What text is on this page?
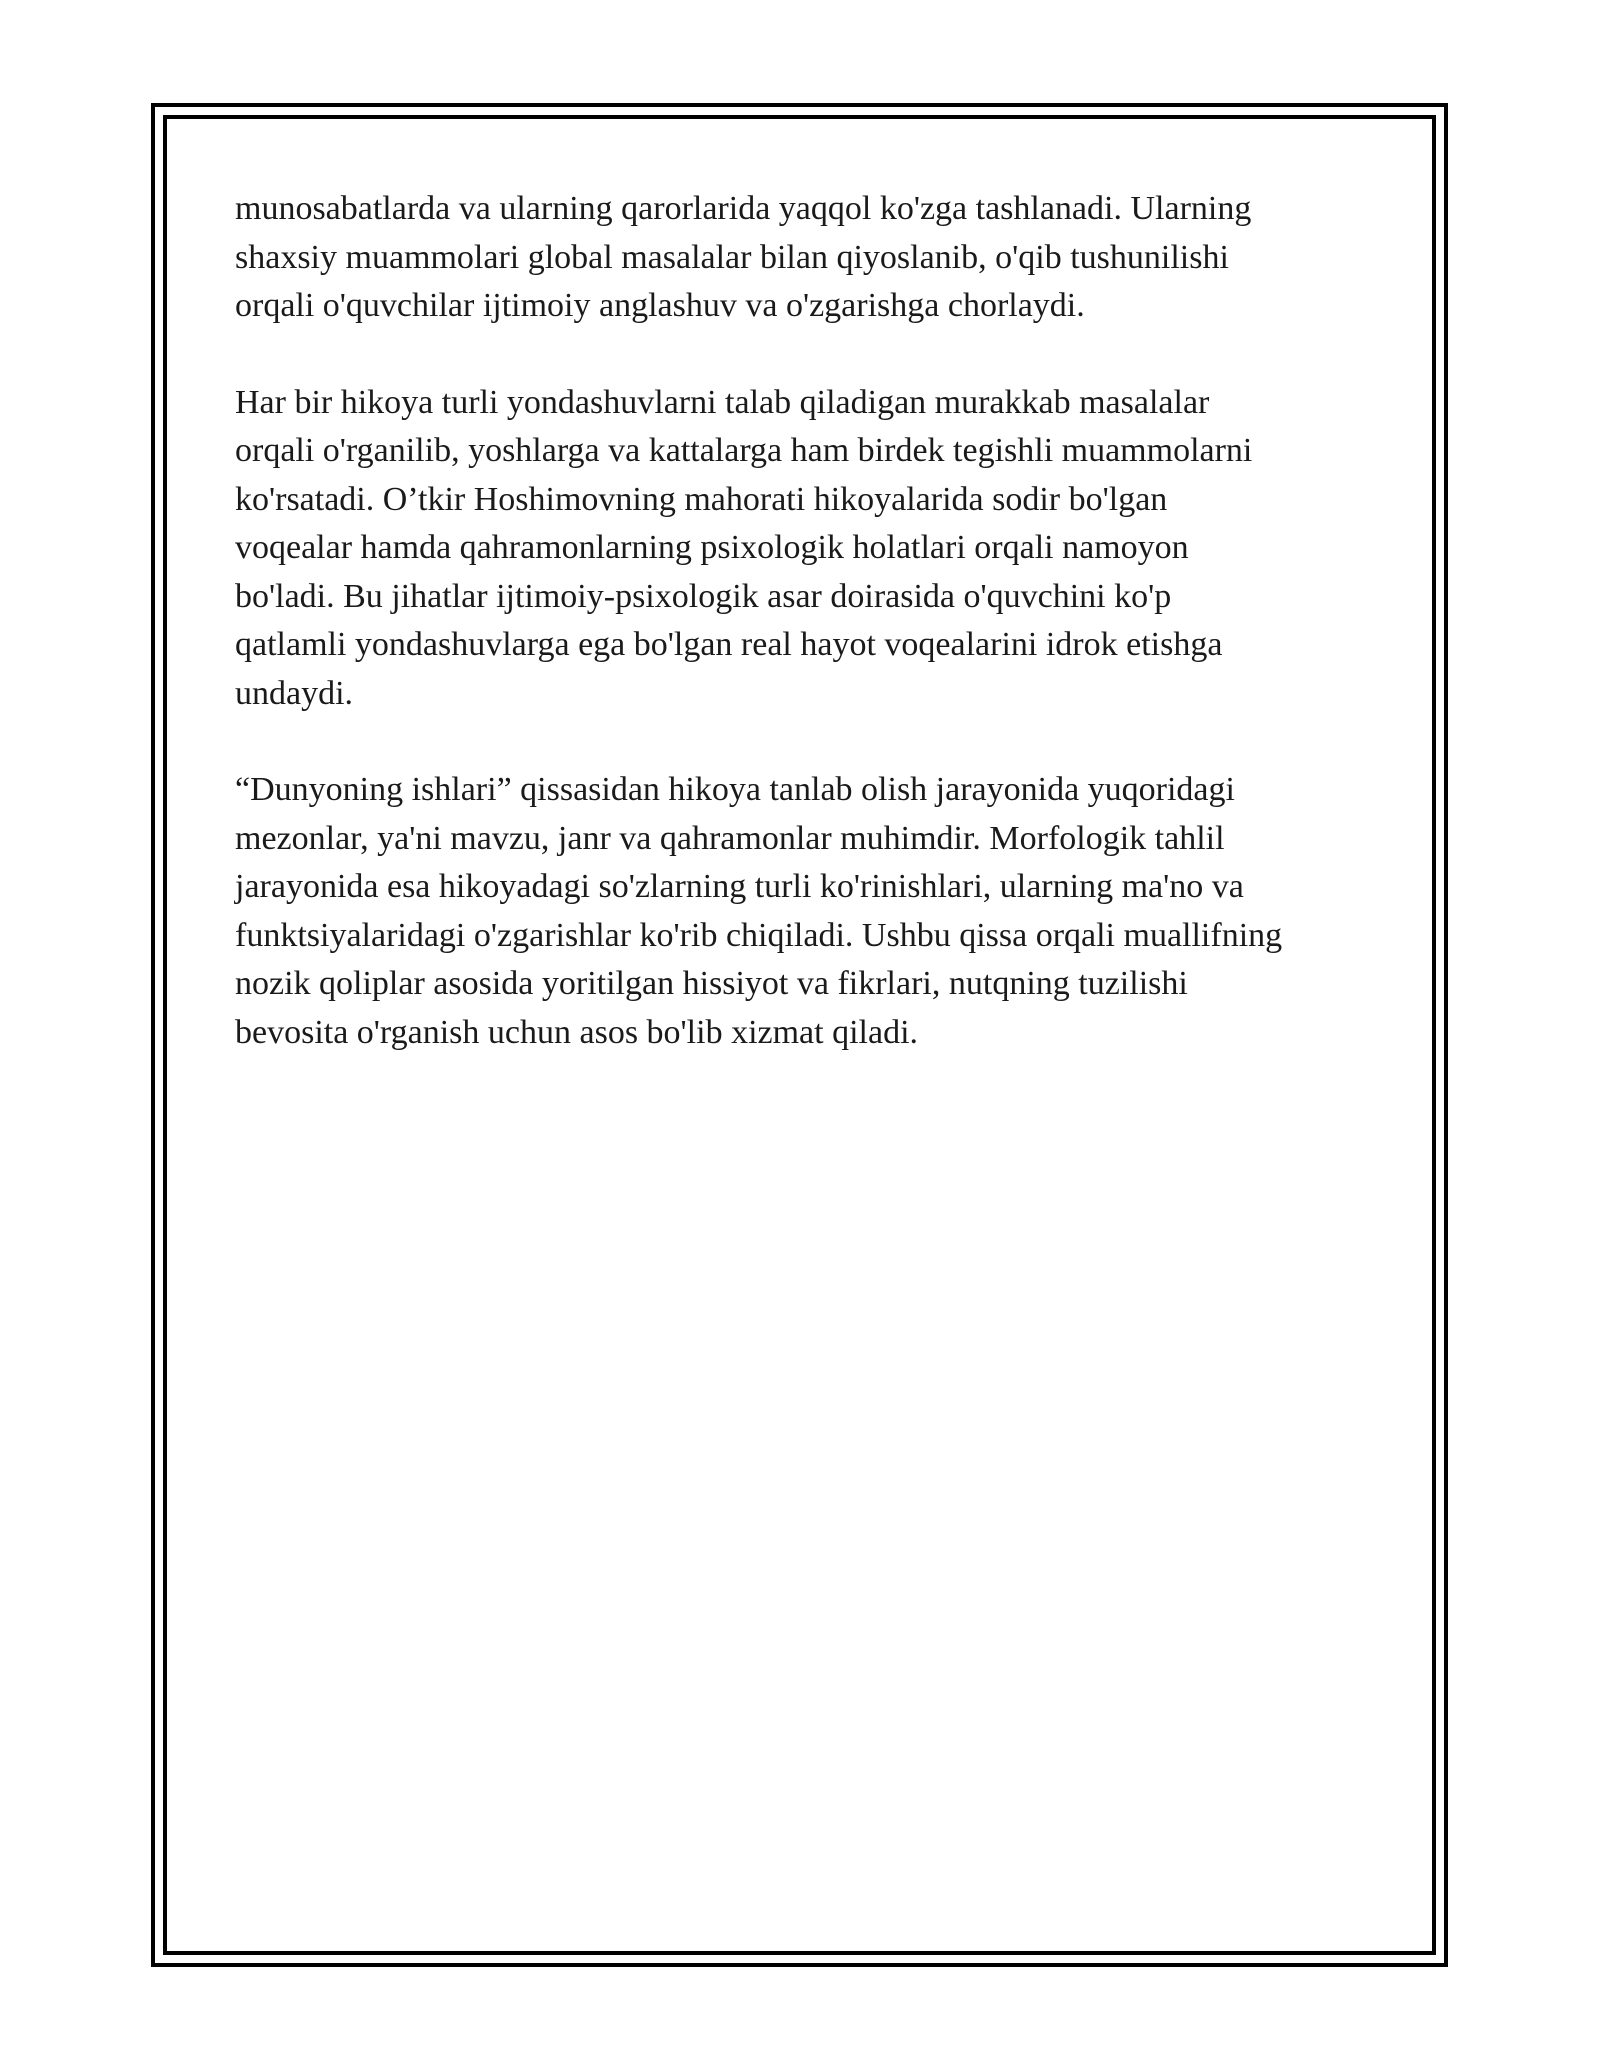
munosabatlarda va ularning qarorlarida yaqqol ko'zga tashlanadi. Ularning
shaxsiy muammolari global masalalar bilan qiyoslanib, o'qib tushunilishi
orqali o'quvchilar ijtimoiy anglashuv va o'zgarishga chorlaydi.

Har bir hikoya turli yondashuvlarni talab qiladigan murakkab masalalar
orqali o'rganilib, yoshlarga va kattalarga ham birdek tegishli muammolarni
ko'rsatadi. O’tkir Hoshimovning mahorati hikoyalarida sodir bo'lgan
voqealar hamda qahramonlarning psixologik holatlari orqali namoyon
bo'ladi. Bu jihatlar ijtimoiy-psixologik asar doirasida o'quvchini ko'p
qatlamli yondashuvlarga ega bo'lgan real hayot voqealarini idrok etishga
undaydi.

“Dunyoning ishlari” qissasidan hikoya tanlab olish jarayonida yuqoridagi
mezonlar, ya'ni mavzu, janr va qahramonlar muhimdir. Morfologik tahlil
jarayonida esa hikoyadagi so'zlarning turli ko'rinishlari, ularning ma'no va
funktsiyalaridagi o'zgarishlar ko'rib chiqiladi. Ushbu qissa orqali muallifning
nozik qoliplar asosida yoritilgan hissiyot va fikrlari, nutqning tuzilishi
bevosita o'rganish uchun asos bo'lib xizmat qiladi.
